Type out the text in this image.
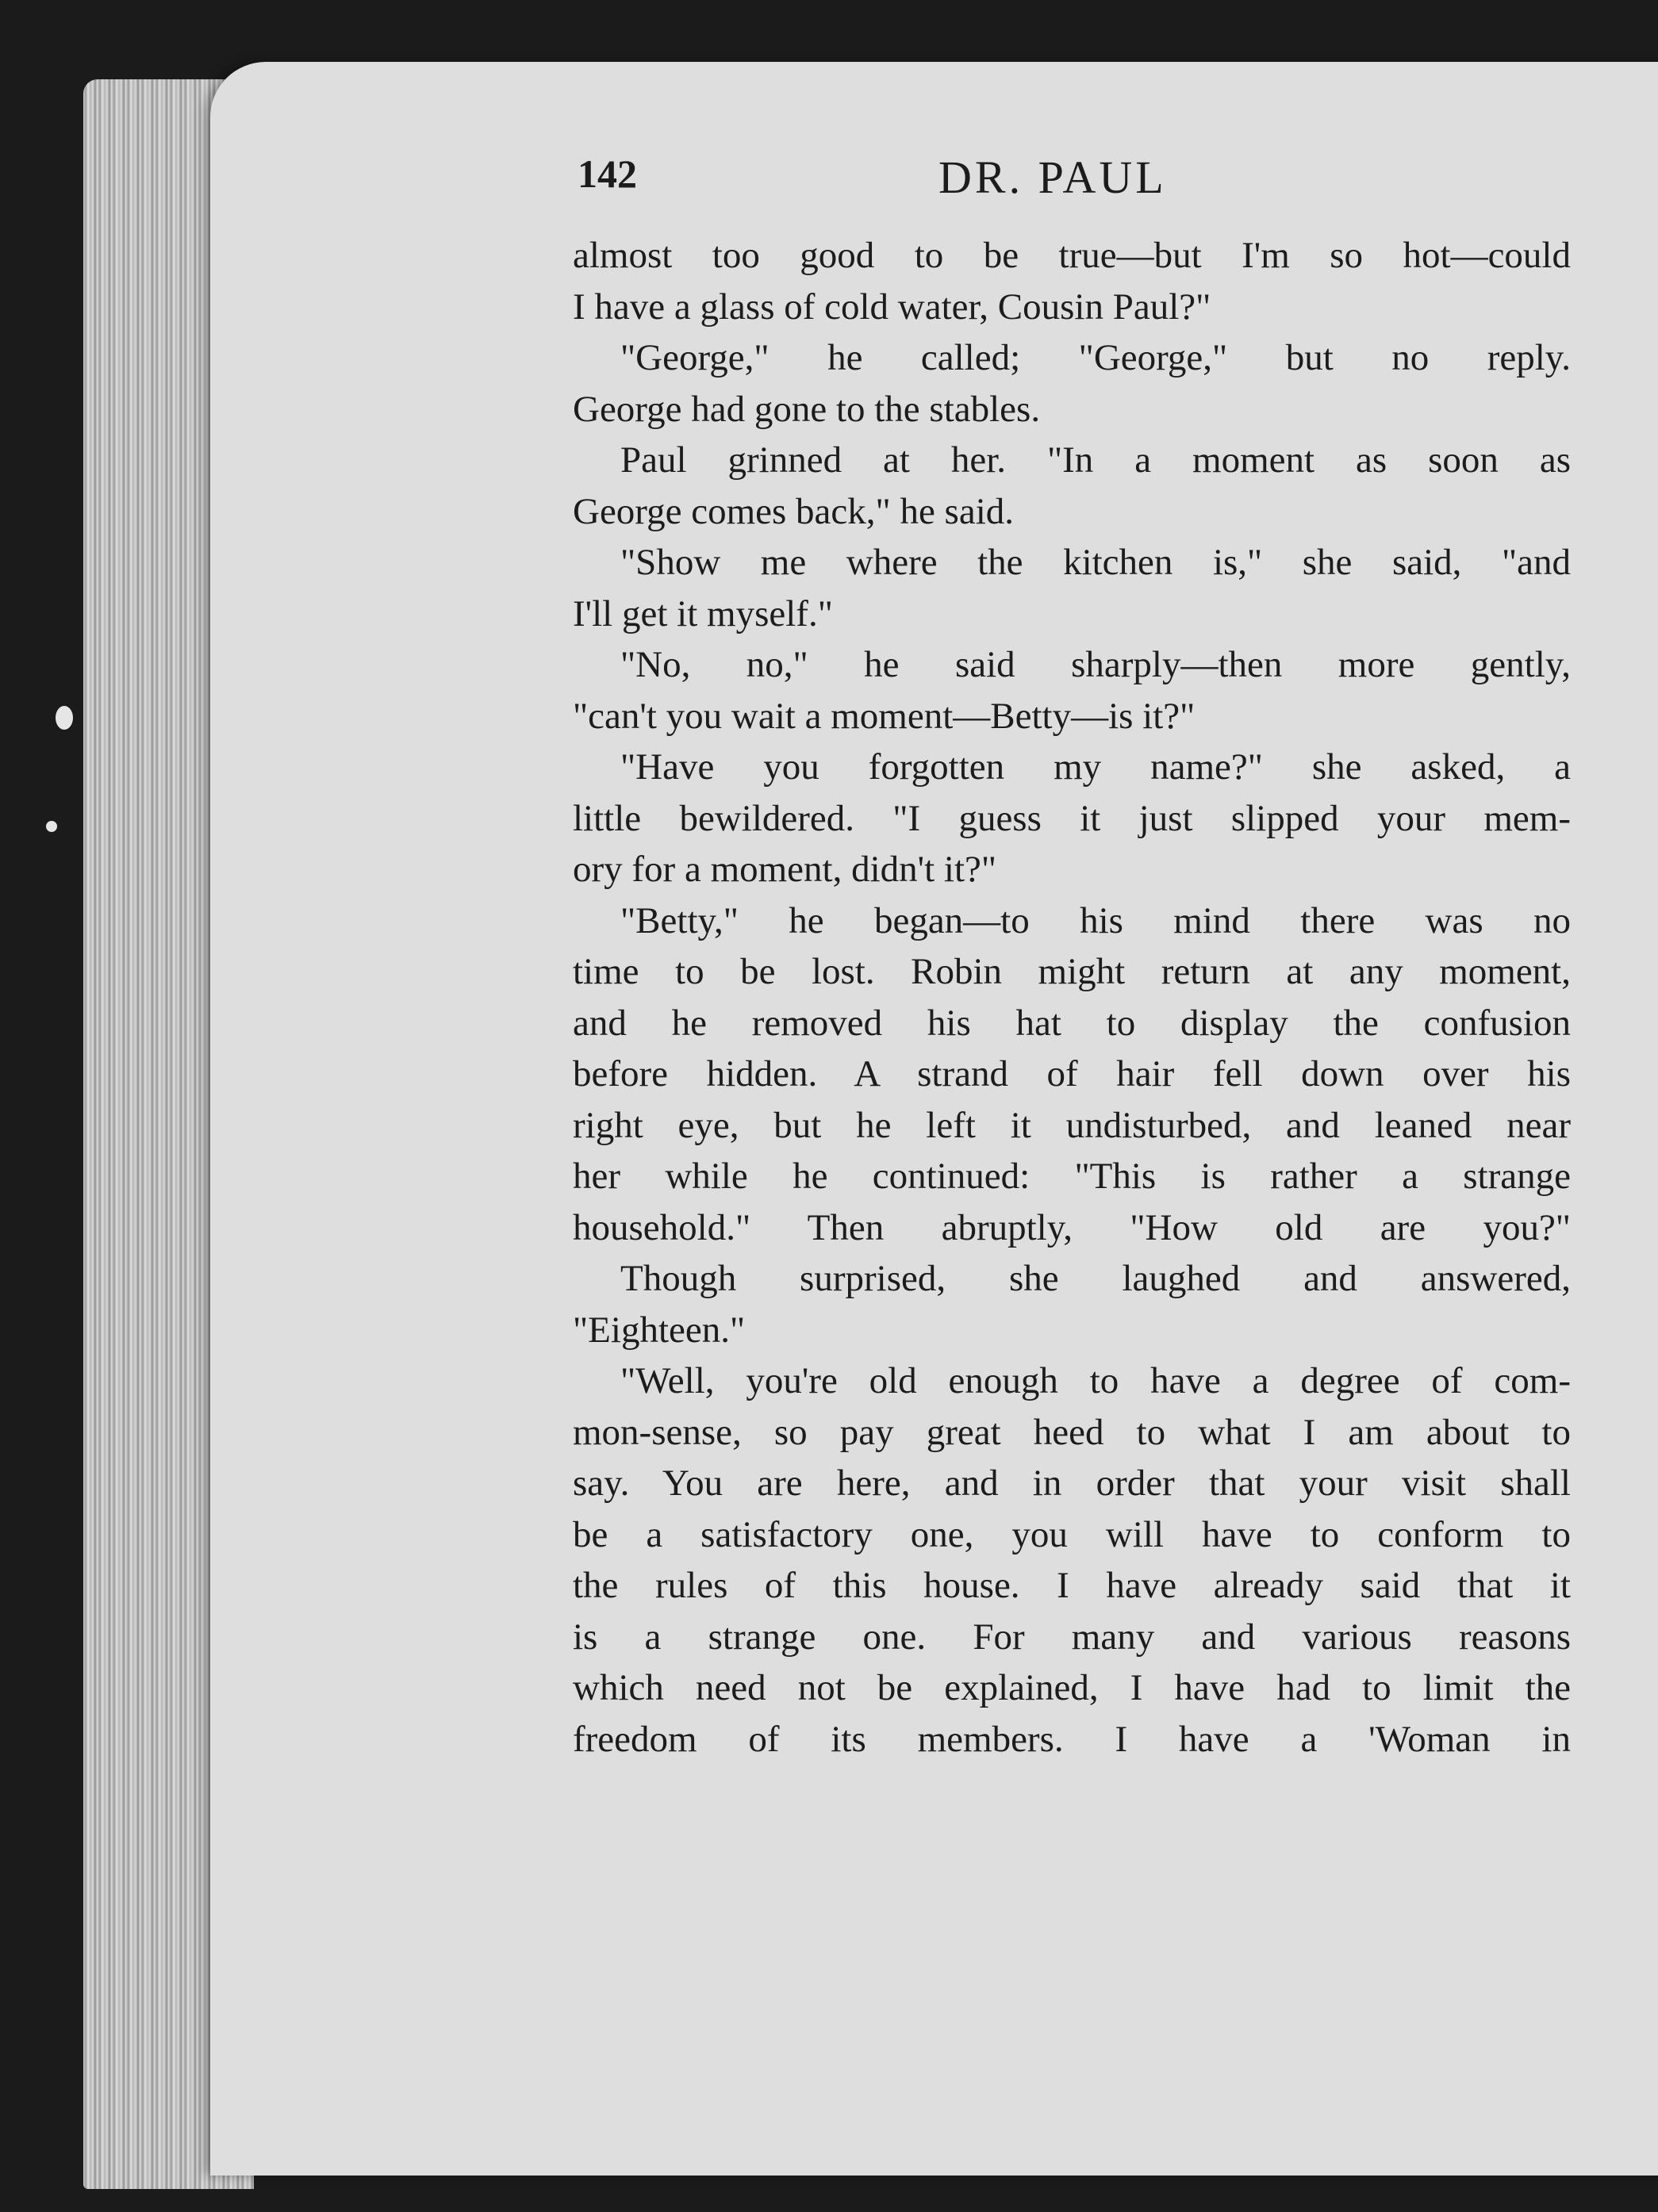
142	DR. PAUL
almost too good to be true—but I'm so hot—could
I have a glass of cold water, Cousin Paul?"
"George," he called; "George," but no reply.
George had gone to the stables.
Paul grinned at her. "In a moment as soon as
George comes back," he said.
"Show me where the kitchen is," she said, "and
I'll get it myself."
"No, no," he said sharply—then more gently,
"can't you wait a moment—Betty—is it?"
"Have you forgotten my name?" she asked, a
little bewildered. "I guess it just slipped your mem-
ory for a moment, didn't it?"
"Betty," he began—to his mind there was no
time to be lost. Robin might return at any moment,
and he removed his hat to display the confusion
before hidden. A strand of hair fell down over his
right eye, but he left it undisturbed, and leaned near
her while he continued: "This is rather a strange
household." Then abruptly, "How old are you?"
Though surprised, she laughed and answered,
"Eighteen."
"Well, you're old enough to have a degree of com-
mon-sense, so pay great heed to what I am about to
say. You are here, and in order that your visit shall
be a satisfactory one, you will have to conform to
the rules of this house. I have already said that it
is a strange one. For many and various reasons
which need not be explained, I have had to limit the
freedom of its members. I have a 'Woman in
